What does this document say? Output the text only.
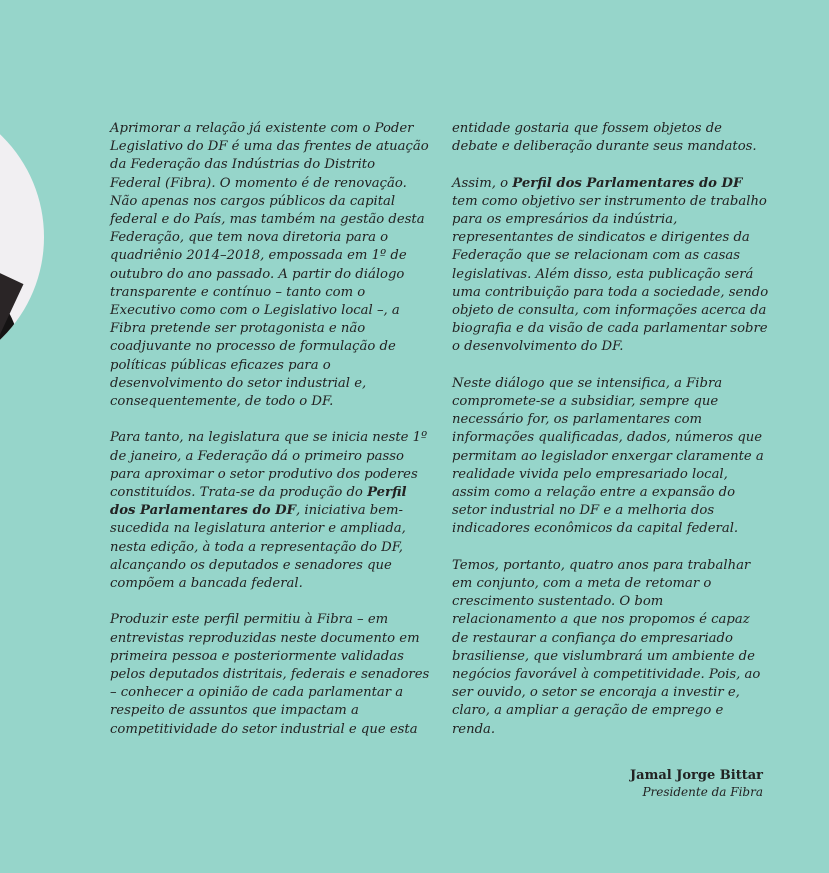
Aprimorar a relação já existente com o Poder Legislativo do DF é uma das frentes de atuação da Federação das Indústrias do Distrito Federal (Fibra). O momento é de renovação. Não apenas nos cargos públicos da capital federal e do País, mas também na gestão desta Federação, que tem nova diretoria para o quadriênio 2014–2018, empossada em 1º de outubro do ano passado. A partir do diálogo transparente e contínuo – tanto com o Executivo como com o Legislativo local –, a Fibra pretende ser protagonista e não coadjuvante no processo de formulação de políticas públicas eficazes para o desenvolvimento do setor industrial e, consequentemente, de todo o DF.

Para tanto, na legislatura que se inicia neste 1º de janeiro, a Federação dá o primeiro passo para aproximar o setor produtivo dos poderes constituídos. Trata-se da produção do Perfil dos Parlamentares do DF, iniciativa bem-sucedida na legislatura anterior e ampliada, nesta edição, à toda a representação do DF, alcançando os deputados e senadores que compõem a bancada federal.

Produzir este perfil permitiu à Fibra – em entrevistas reproduzidas neste documento em primeira pessoa e posteriormente validadas pelos deputados distritais, federais e senadores – conhecer a opinião de cada parlamentar a respeito de assuntos que impactam a competitividade do setor industrial e que esta

entidade gostaria que fossem objetos de debate e deliberação durante seus mandatos.

Assim, o Perfil dos Parlamentares do DF tem como objetivo ser instrumento de trabalho para os empresários da indústria, representantes de sindicatos e dirigentes da Federação que se relacionam com as casas legislativas. Além disso, esta publicação será uma contribuição para toda a sociedade, sendo objeto de consulta, com informações acerca da biografia e da visão de cada parlamentar sobre o desenvolvimento do DF.

Neste diálogo que se intensifica, a Fibra compromete-se a subsidiar, sempre que necessário for, os parlamentares com informações qualificadas, dados, números que permitam ao legislador enxergar claramente a realidade vivida pelo empresariado local, assim como a relação entre a expansão do setor industrial no DF e a melhoria dos indicadores econômicos da capital federal.

Temos, portanto, quatro anos para trabalhar em conjunto, com a meta de retomar o crescimento sustentado. O bom relacionamento a que nos propomos é capaz de restaurar a confiança do empresariado brasiliense, que vislumbrará um ambiente de negócios favorável à competitividade. Pois, ao ser ouvido, o setor se encoraja a investir e, claro, a ampliar a geração de emprego e renda.

Jamal Jorge Bittar
Presidente da Fibra
